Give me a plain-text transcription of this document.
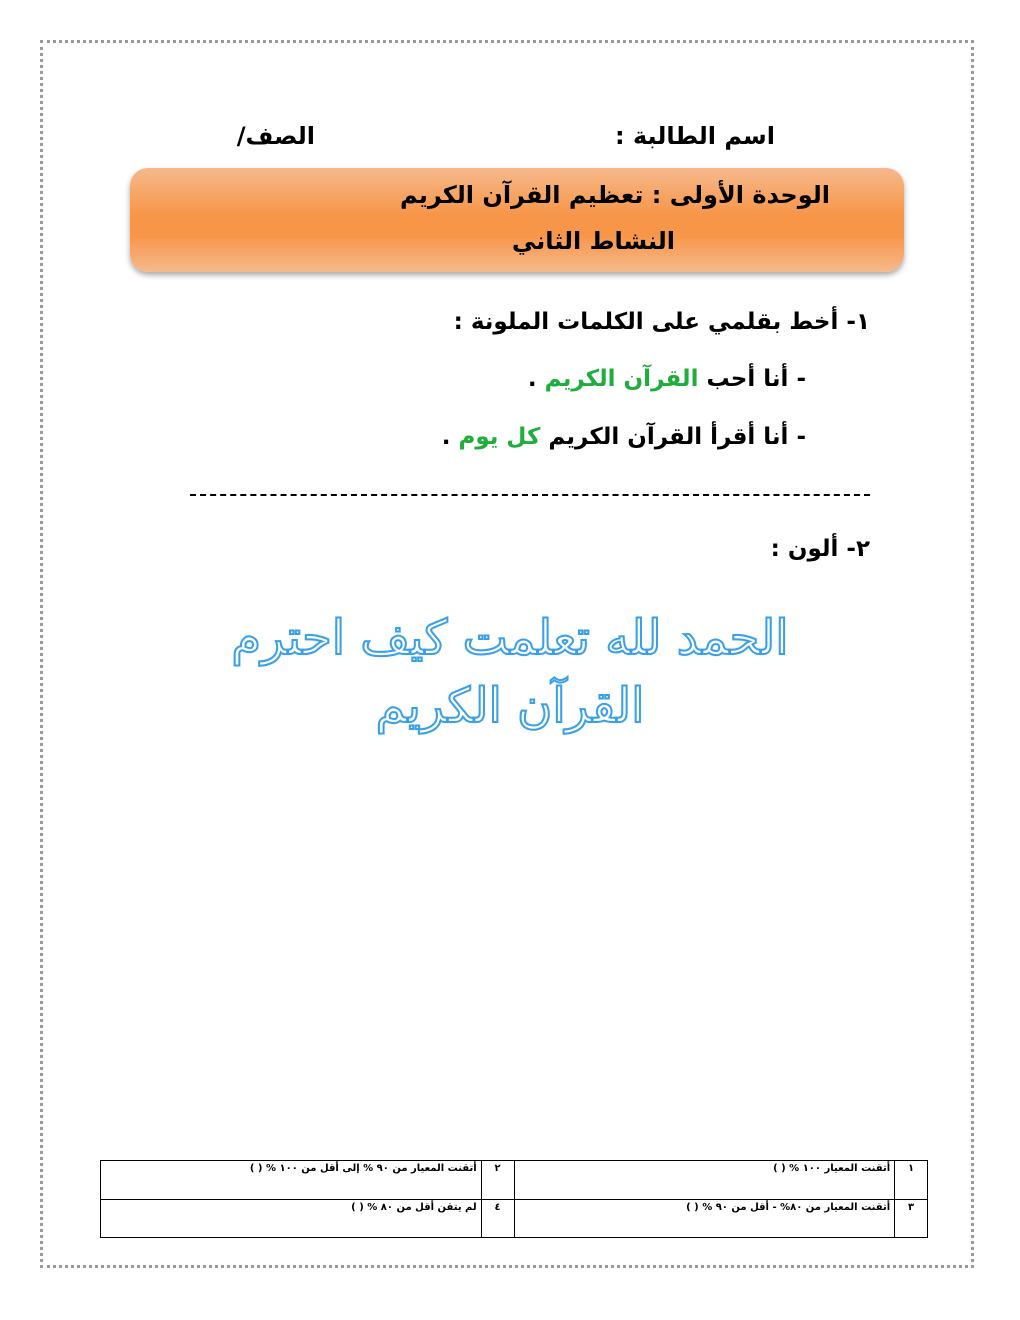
اسم الطالبة :
الصف/
الوحدة الأولى : تعظيم القرآن الكريم
النشاط الثاني
١- أخط بقلمي على الكلمات الملونة :
- أنا أحب القرآن الكريم .
- أنا أقرأ القرآن الكريم كل يوم .
٢- ألون :
الحمد لله تعلمت كيف احترم
القرآن الكريم
١	أتقنت المعيار ١٠٠ % ( )	٢	أتقنت المعيار من ٩٠ % إلى أقل من ١٠٠ % ( )
٣	أتقنت المعيار من ٨٠% - أقل من ٩٠ % ( )	٤	لم يتقن أقل من ٨٠ % ( )
